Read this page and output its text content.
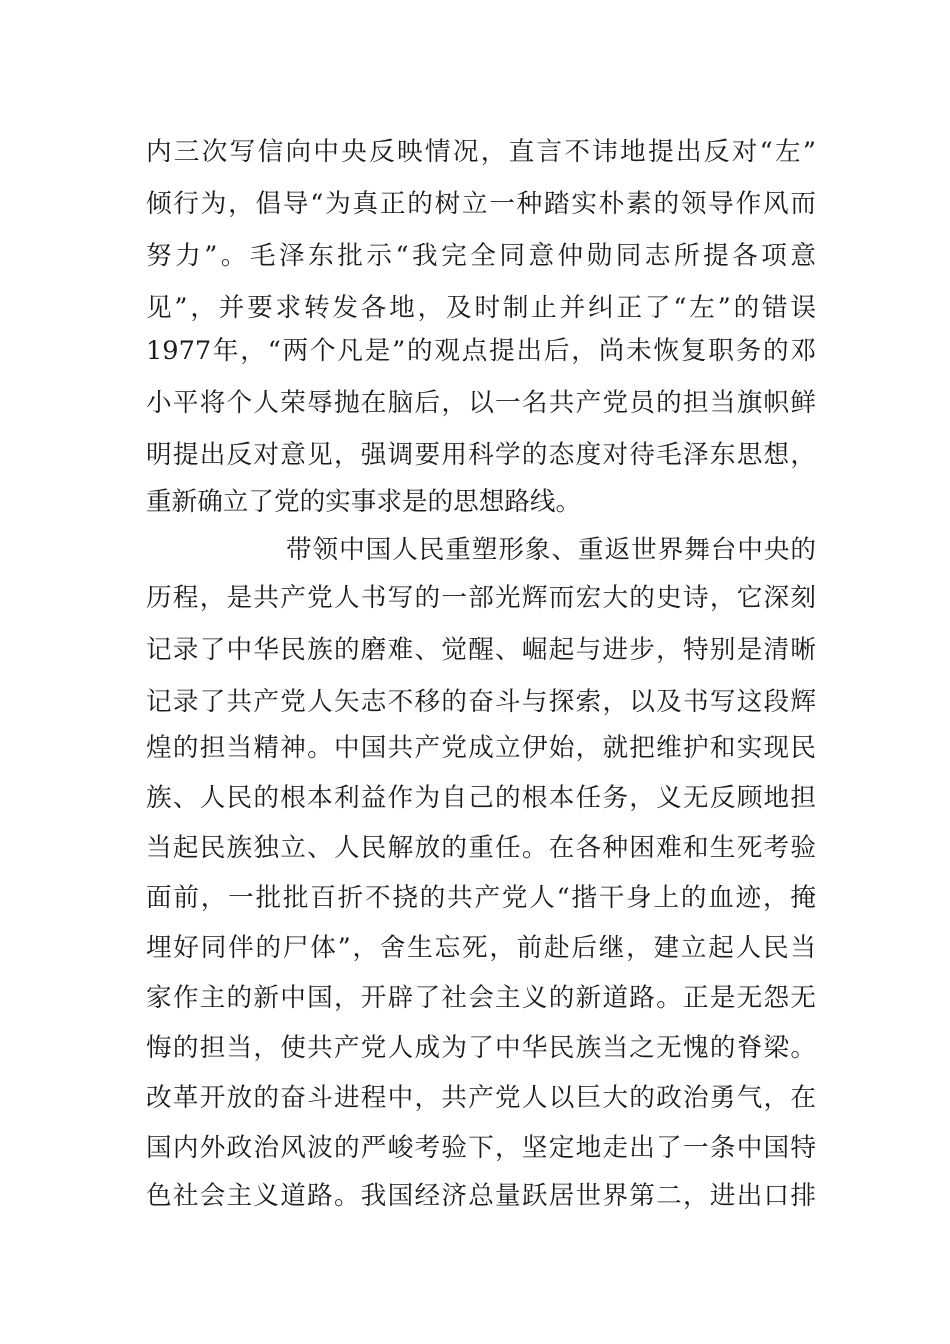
内三次写信向中央反映情况，直言不讳地提出反对“左”
倾行为，倡导“为真正的树立一种踏实朴素的领导作风而
努力”。毛泽东批示“我完全同意仲勋同志所提各项意
见”，并要求转发各地，及时制止并纠正了“左”的错误
1977年，“两个凡是”的观点提出后，尚未恢复职务的邓
小平将个人荣辱抛在脑后，以一名共产党员的担当旗帜鲜
明提出反对意见，强调要用科学的态度对待毛泽东思想，
重新确立了党的实事求是的思想路线。
带领中国人民重塑形象、重返世界舞台中央的
历程，是共产党人书写的一部光辉而宏大的史诗，它深刻
记录了中华民族的磨难、觉醒、崛起与进步，特别是清晰
记录了共产党人矢志不移的奋斗与探索，以及书写这段辉
煌的担当精神。中国共产党成立伊始，就把维护和实现民
族、人民的根本利益作为自己的根本任务，义无反顾地担
当起民族独立、人民解放的重任。在各种困难和生死考验
面前，一批批百折不挠的共产党人“揩干身上的血迹，掩
埋好同伴的尸体”，舍生忘死，前赴后继，建立起人民当
家作主的新中国，开辟了社会主义的新道路。正是无怨无
悔的担当，使共产党人成为了中华民族当之无愧的脊梁。
改革开放的奋斗进程中，共产党人以巨大的政治勇气，在
国内外政治风波的严峻考验下，坚定地走出了一条中国特
色社会主义道路。我国经济总量跃居世界第二，进出口排
